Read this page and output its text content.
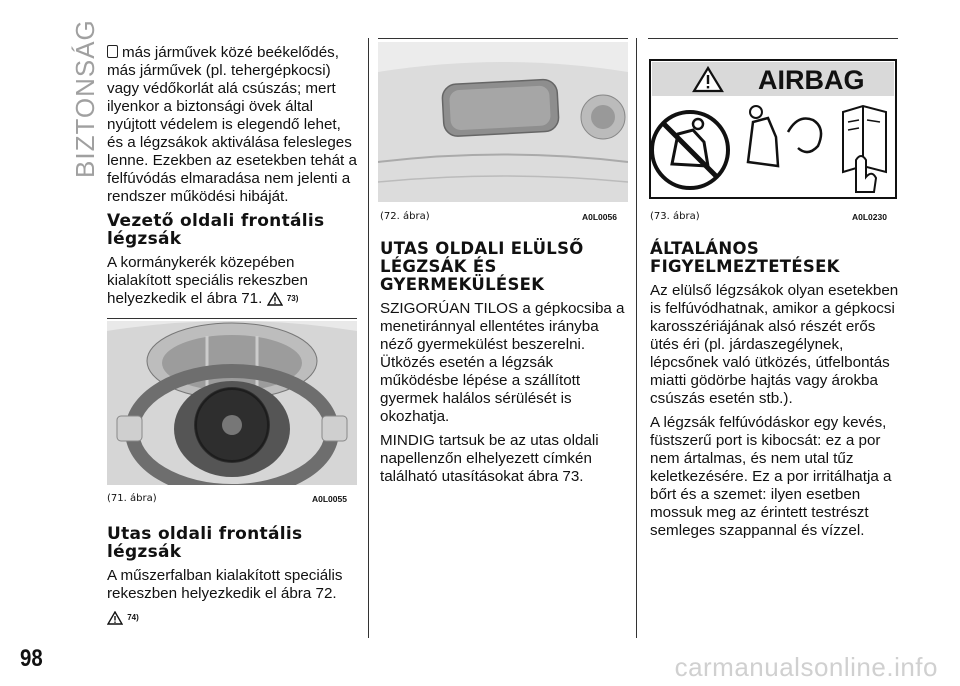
BIZTONSÁG	más járművek közé beékelődés, más járművek (pl. tehergépkocsi) vagy védőkorlát alá csúszás; mert ilyenkor a biztonsági övek által nyújtott védelem is elegendő lehet, és a légzsákok aktiválása felesleges lenne. Ezekben az esetekben tehát a felfúvódás elmaradása nem jelenti a rendszer működési hibáját.

Vezető oldali frontális légzsák

A kormánykerék közepében kialakított speciális rekeszben helyezkedik el ábra 71.	73)

(71. ábra)	A0L0055
Utas oldali frontális légzsák

A műszerfalban kialakított speciális rekeszben helyezkedik el ábra 72.

74)

(72. ábra)	A0L0056
UTAS OLDALI ELÜLSŐ LÉGZSÁK ÉS GYERMEKÜLÉSEK

SZIGORÚAN TILOS a gépkocsiba a menetiránnyal ellentétes irányba néző gyermekülést beszerelni. Ütközés esetén a légzsák működésbe lépése a szállított gyermek halálos sérülését is okozhatja.

MINDIG tartsuk be az utas oldali napellenzőn elhelyezett címkén található utasításokat ábra 73.

AIRBAG
(73. ábra)	A0L0230
ÁLTALÁNOS FIGYELMEZTETÉSEK

Az elülső légzsákok olyan esetekben is felfúvódhatnak, amikor a gépkocsi karosszériájának alsó részét erős ütés éri (pl. járdaszegélynek, lépcsőnek való ütközés, útfelbontás miatti gödörbe hajtás vagy árokba csúszás esetén stb.).

A légzsák felfúvódáskor egy kevés, füstszerű port is kibocsát: ez a por nem ártalmas, és nem utal tűz keletkezésére. Ez a por irritálhatja a bőrt és a szemet: ilyen esetben mossuk meg az érintett testrészt semleges szappannal és vízzel.

98	carmanualsonline.info
